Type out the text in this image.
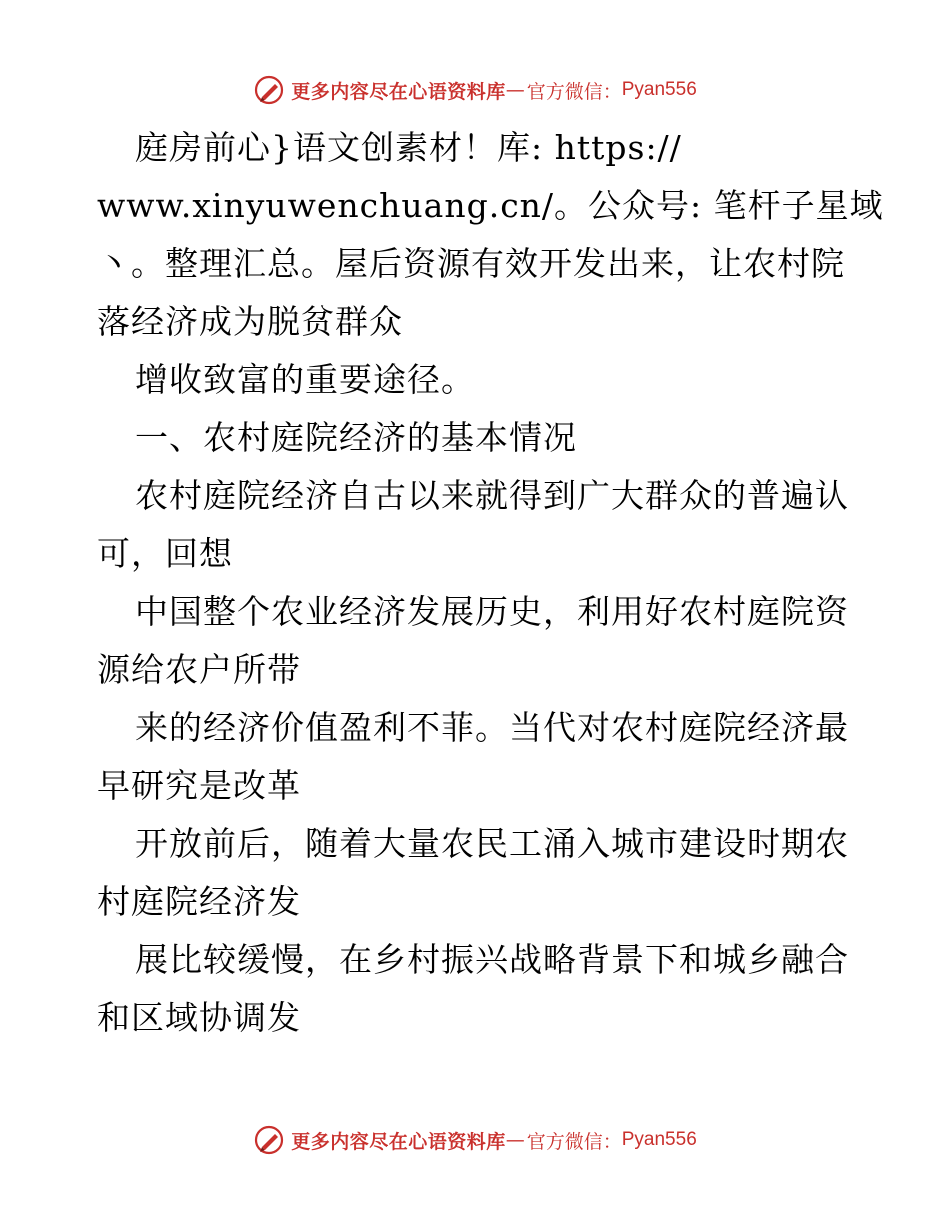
更多内容尽在心语资料库 — 官方微信： Pyan556
庭房前心}语文创素材！库: https://
www.xinyuwenchuang.cn/。公众号: 笔杆子星域
丶。整理汇总。屋后资源有效开发出来，让农村院
落经济成为脱贫群众
增收致富的重要途径。
一、农村庭院经济的基本情况
农村庭院经济自古以来就得到广大群众的普遍认
可，回想
中国整个农业经济发展历史，利用好农村庭院资
源给农户所带
来的经济价值盈利不菲。当代对农村庭院经济最
早研究是改革
开放前后，随着大量农民工涌入城市建设时期农
村庭院经济发
展比较缓慢，在乡村振兴战略背景下和城乡融合
和区域协调发
更多内容尽在心语资料库 — 官方微信： Pyan556
